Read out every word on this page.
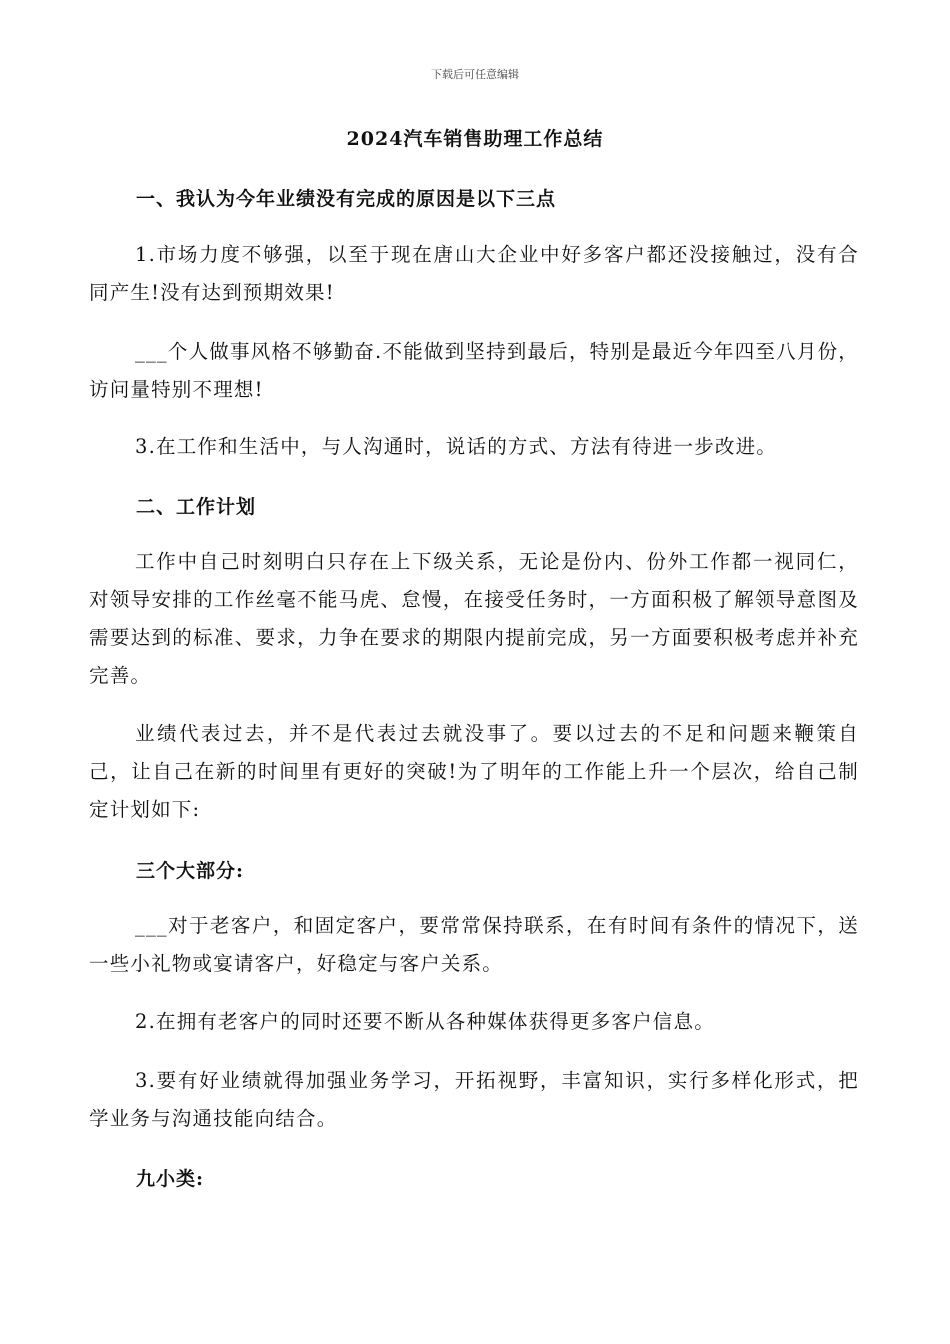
下载后可任意编辑
2024汽车销售助理工作总结
一、我认为今年业绩没有完成的原因是以下三点
1.市场力度不够强，以至于现在唐山大企业中好多客户都还没接触过，没有合同产生!没有达到预期效果!
___个人做事风格不够勤奋.不能做到坚持到最后，特别是最近今年四至八月份，访问量特别不理想!
3.在工作和生活中，与人沟通时，说话的方式、方法有待进一步改进。
二、工作计划
工作中自己时刻明白只存在上下级关系，无论是份内、份外工作都一视同仁，对领导安排的工作丝毫不能马虎、怠慢，在接受任务时，一方面积极了解领导意图及需要达到的标准、要求，力争在要求的期限内提前完成，另一方面要积极考虑并补充完善。
业绩代表过去，并不是代表过去就没事了。要以过去的不足和问题来鞭策自己，让自己在新的时间里有更好的突破!为了明年的工作能上升一个层次，给自己制定计划如下:
三个大部分:
___对于老客户，和固定客户，要常常保持联系，在有时间有条件的情况下，送一些小礼物或宴请客户，好稳定与客户关系。
2.在拥有老客户的同时还要不断从各种媒体获得更多客户信息。
3.要有好业绩就得加强业务学习，开拓视野，丰富知识，实行多样化形式，把学业务与沟通技能向结合。
九小类:
